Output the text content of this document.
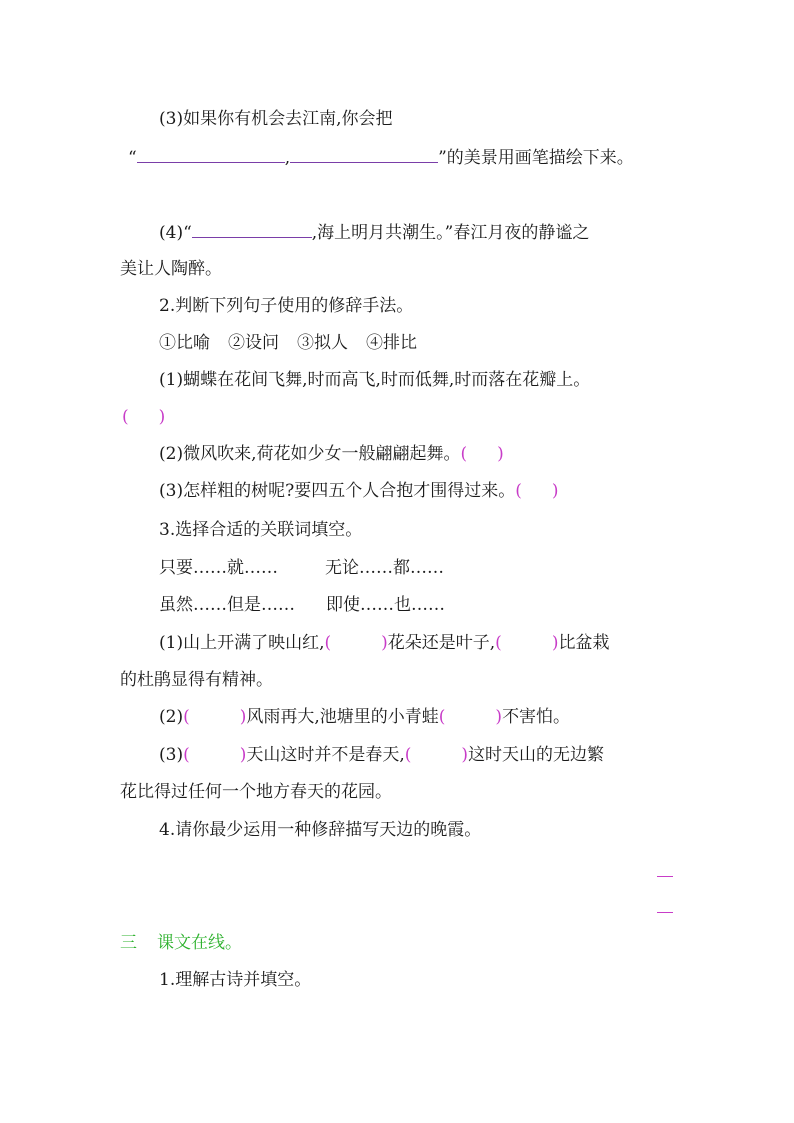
(3)如果你有机会去江南,你会把
“	,	”的美景用画笔描绘下来。
(4)“	,海上明月共潮生。”春江月夜的静谧之
美让人陶醉。
2.判断下列句子使用的修辞手法。
①比喻 ②设问 ③拟人 ④排比
(1)蝴蝶在花间飞舞,时而高飞,时而低舞,时而落在花瓣上。
( )
(2)微风吹来,荷花如少女一般翩翩起舞。( )
(3)怎样粗的树呢?要四五个人合抱才围得过来。( )
3.选择合适的关联词填空。
只要……就……	无论……都……
虽然……但是…… 即使……也……
(1)山上开满了映山红,(	)花朵还是叶子,(	)比盆栽
的杜鹃显得有精神。
(2)(	)风雨再大,池塘里的小青蛙(	)不害怕。
(3)(	)天山这时并不是春天,(	)这时天山的无边繁
花比得过任何一个地方春天的花园。
4.请你最少运用一种修辞描写天边的晚霞。
三 课文在线。
1.理解古诗并填空。
